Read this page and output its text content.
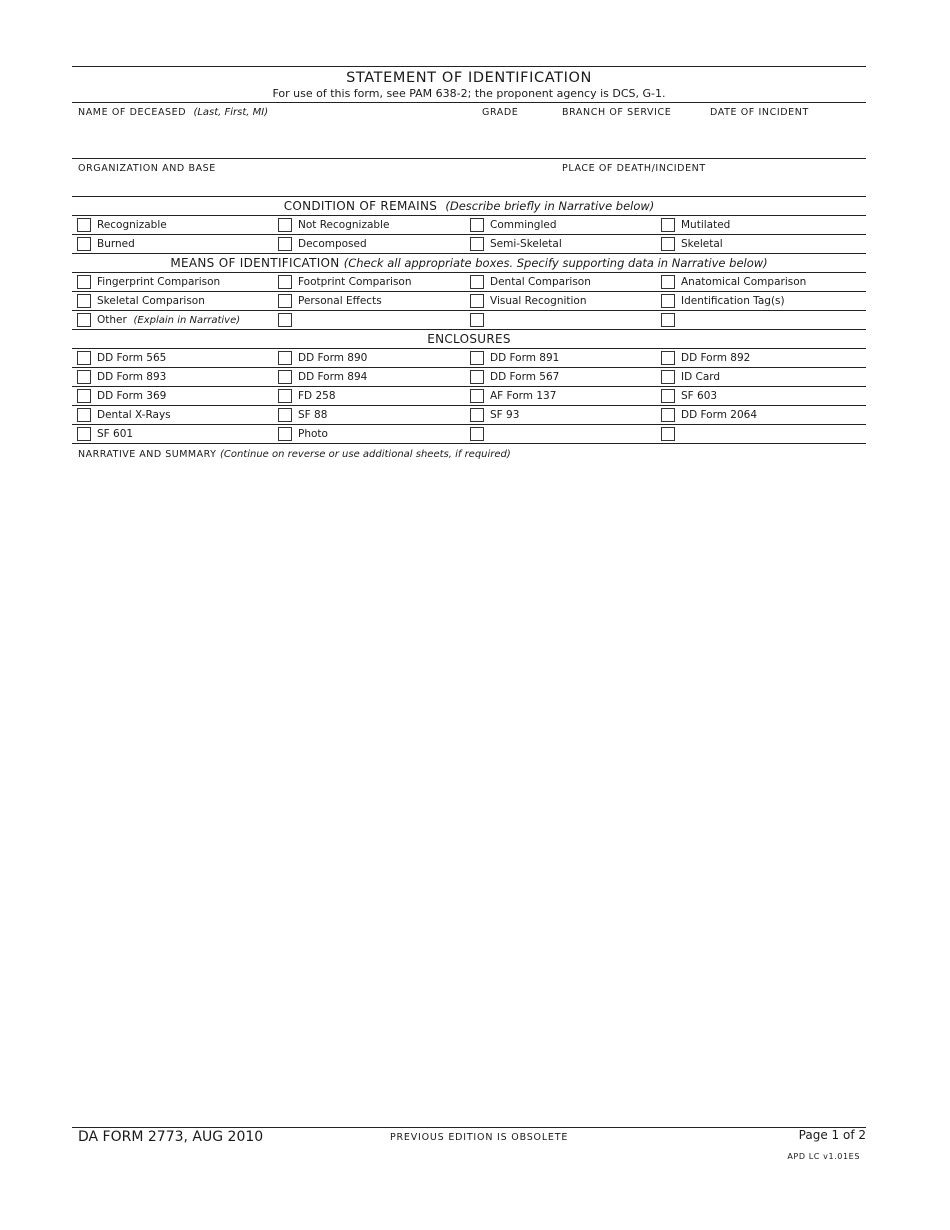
STATEMENT OF IDENTIFICATION
For use of this form, see PAM 638-2; the proponent agency is DCS, G-1.
NAME OF DECEASED (Last, First, MI)	GRADE	BRANCH OF SERVICE	DATE OF INCIDENT
ORGANIZATION AND BASE	PLACE OF DEATH/INCIDENT
CONDITION OF REMAINS (Describe briefly in Narrative below)
Recognizable	Not Recognizable	Commingled	Mutilated
Burned	Decomposed	Semi-Skeletal	Skeletal
MEANS OF IDENTIFICATION (Check all appropriate boxes. Specify supporting data in Narrative below)
Fingerprint Comparison	Footprint Comparison	Dental Comparison	Anatomical Comparison
Skeletal Comparison	Personal Effects	Visual Recognition	Identification Tag(s)
Other (Explain in Narrative)
ENCLOSURES
DD Form 565	DD Form 890	DD Form 891	DD Form 892
DD Form 893	DD Form 894	DD Form 567	ID Card
DD Form 369	FD 258	AF Form 137	SF 603
Dental X-Rays	SF 88	SF 93	DD Form 2064
SF 601	Photo
NARRATIVE AND SUMMARY (Continue on reverse or use additional sheets, if required)
DA FORM 2773, AUG 2010	PREVIOUS EDITION IS OBSOLETE	Page 1 of 2
APD LC v1.01ES
